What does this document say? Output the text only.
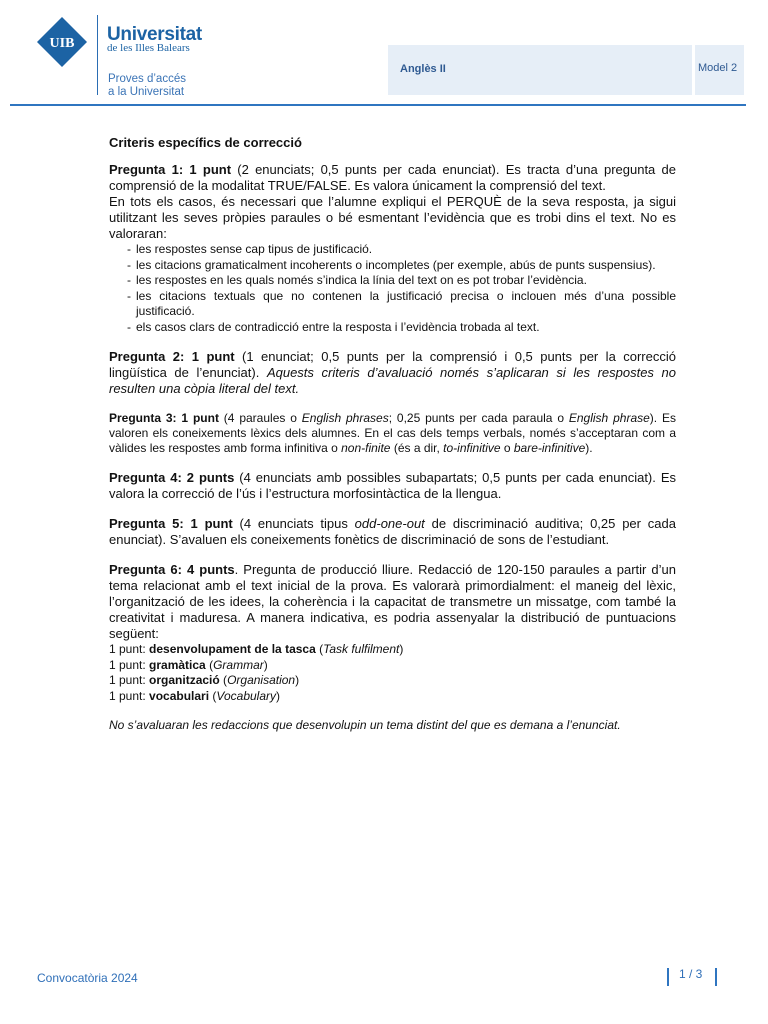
UIB Universitat
de les Illes Balears
Proves d’accés
a la Universitat
Anglès II	Model 2
Criteris específics de correcció

Pregunta 1: 1 punt (2 enunciats; 0,5 punts per cada enunciat). Es tracta d’una pregunta de comprensió de la modalitat TRUE/FALSE. Es valora únicament la comprensió del text.

En tots els casos, és necessari que l’alumne expliqui el PERQUÈ de la seva resposta, ja sigui utilitzant les seves pròpies paraules o bé esmentant l’evidència que es trobi dins el text. No es valoraran:

- les respostes sense cap tipus de justificació.
- les citacions gramaticalment incoherents o incompletes (per exemple, abús de punts suspensius).
- les respostes en les quals només s’indica la línia del text on es pot trobar l’evidència.
- les citacions textuals que no contenen la justificació precisa o inclouen més d’una possible justificació.
- els casos clars de contradicció entre la resposta i l’evidència trobada al text.

Pregunta 2: 1 punt (1 enunciat; 0,5 punts per la comprensió i 0,5 punts per la correcció lingüística de l’enunciat). Aquests criteris d’avaluació només s’aplicaran si les respostes no resulten una còpia literal del text.

Pregunta 3: 1 punt (4 paraules o English phrases; 0,25 punts per cada paraula o English phrase). Es valoren els coneixements lèxics dels alumnes. En el cas dels temps verbals, només s’acceptaran com a vàlides les respostes amb forma infinitiva o non-finite (és a dir, to-infinitive o bare-infinitive).

Pregunta 4: 2 punts (4 enunciats amb possibles subapartats; 0,5 punts per cada enunciat). Es valora la correcció de l’ús i l’estructura morfosintàctica de la llengua.

Pregunta 5: 1 punt (4 enunciats tipus odd-one-out de discriminació auditiva; 0,25 per cada enunciat). S’avaluen els coneixements fonètics de discriminació de sons de l’estudiant.

Pregunta 6: 4 punts. Pregunta de producció lliure. Redacció de 120-150 paraules a partir d’un tema relacionat amb el text inicial de la prova. Es valorarà primordialment: el maneig del lèxic, l’organització de les idees, la coherència i la capacitat de transmetre un missatge, com també la creativitat i maduresa. A manera indicativa, es podria assenyalar la distribució de puntuacions següent:

1 punt: desenvolupament de la tasca (Task fulfilment)

1 punt: gramàtica (Grammar)

1 punt: organització (Organisation)

1 punt: vocabulari (Vocabulary)

No s’avaluaran les redaccions que desenvolupin un tema distint del que es demana a l’enunciat.

Convocatòria 2024	1 / 3
